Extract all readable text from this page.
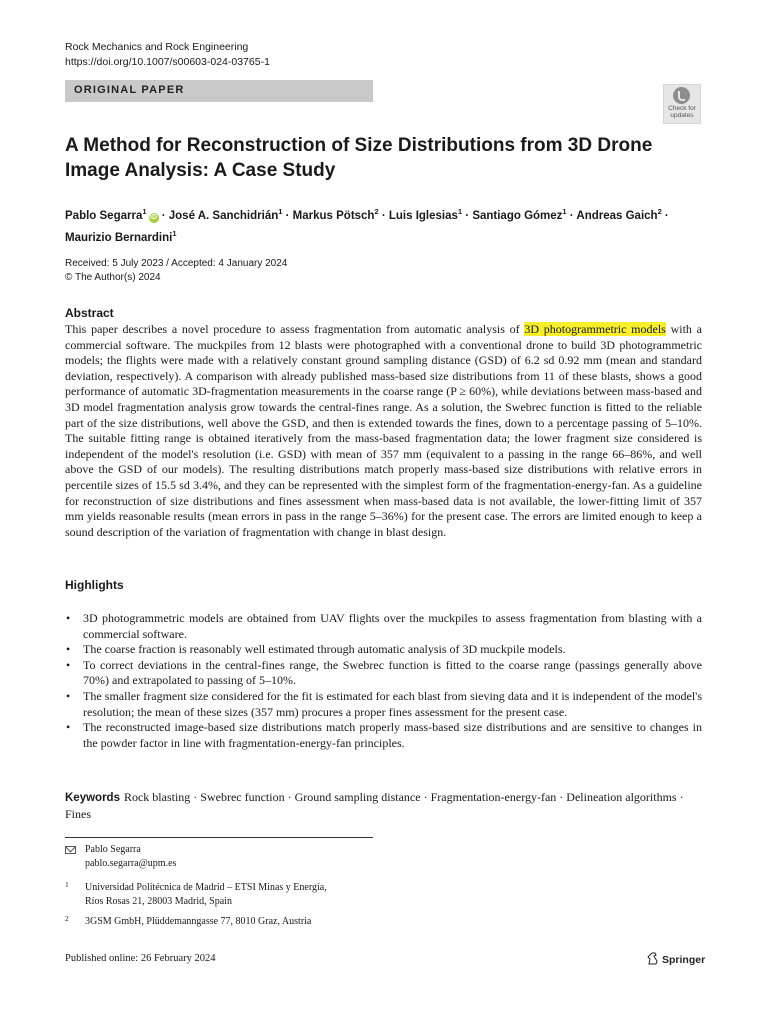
Rock Mechanics and Rock Engineering
https://doi.org/10.1007/s00603-024-03765-1
ORIGINAL PAPER
Check for updates
A Method for Reconstruction of Size Distributions from 3D Drone Image Analysis: A Case Study
Pablo Segarra$^1$iD · José A. Sanchidrián$^1$ · Markus Pötsch$^2$ · Luis Iglesias$^1$ · Santiago Gómez$^1$ · Andreas Gaich$^2$ ·
Maurizio Bernardini$^1$
Received: 5 July 2023 / Accepted: 4 January 2024
© The Author(s) 2024
Abstract
This paper describes a novel procedure to assess fragmentation from automatic analysis of 3D photogrammetric models with a commercial software. The muckpiles from 12 blasts were photographed with a conventional drone to build 3D photogrammetric models; the flights were made with a relatively constant ground sampling distance (GSD) of 6.2 sd 0.92 mm (mean and standard deviation, respectively). A comparison with already published mass-based size distributions from 11 of these blasts, shows a good performance of automatic 3D-fragmentation measurements in the coarse range (P ≥ 60%), while deviations between mass-based and 3D model fragmentation analysis grow towards the central-fines range. As a solution, the Swebrec function is fitted to the reliable part of the size distributions, well above the GSD, and then is extended towards the fines, down to a percentage passing of 5–10%. The suitable fitting range is obtained iteratively from the mass-based fragmentation data; the lower fragment size considered is independent of the model's resolution (i.e. GSD) with mean of 357 mm (equivalent to a passing in the range 66–86%, and well above the GSD of our models). The resulting distributions match properly mass-based size distributions with relative errors in percentile sizes of 15.5 sd 3.4%, and they can be represented with the simplest form of the fragmentation-energy-fan. As a guideline for reconstruction of size distributions and fines assessment when mass-based data is not available, the lower-fitting limit of 357 mm yields reasonable results (mean errors in pass in the range 5–36%) for the present case. The errors are limited enough to keep a sound description of the variation of fragmentation with change in blast design.
Highlights
• 3D photogrammetric models are obtained from UAV flights over the muckpiles to assess fragmentation from blasting with a commercial software.
• The coarse fraction is reasonably well estimated through automatic analysis of 3D muckpile models.
• To correct deviations in the central-fines range, the Swebrec function is fitted to the coarse range (passings generally above 70%) and extrapolated to passing of 5–10%.
• The smaller fragment size considered for the fit is estimated for each blast from sieving data and it is independent of the model's resolution; the mean of these sizes (357 mm) procures a proper fines assessment for the present case.
• The reconstructed image-based size distributions match properly mass-based size distributions and are sensitive to changes in the powder factor in line with fragmentation-energy-fan principles.
Keywords Rock blasting · Swebrec function · Ground sampling distance · Fragmentation-energy-fan · Delineation algorithms · Fines
Pablo Segarra
pablo.segarra@upm.es
1 Universidad Politécnica de Madrid – ETSI Minas y Energía,
Ríos Rosas 21, 28003 Madrid, Spain
2 3GSM GmbH, Plüddemanngasse 77, 8010 Graz, Austria
Published online: 26 February 2024	Springer
